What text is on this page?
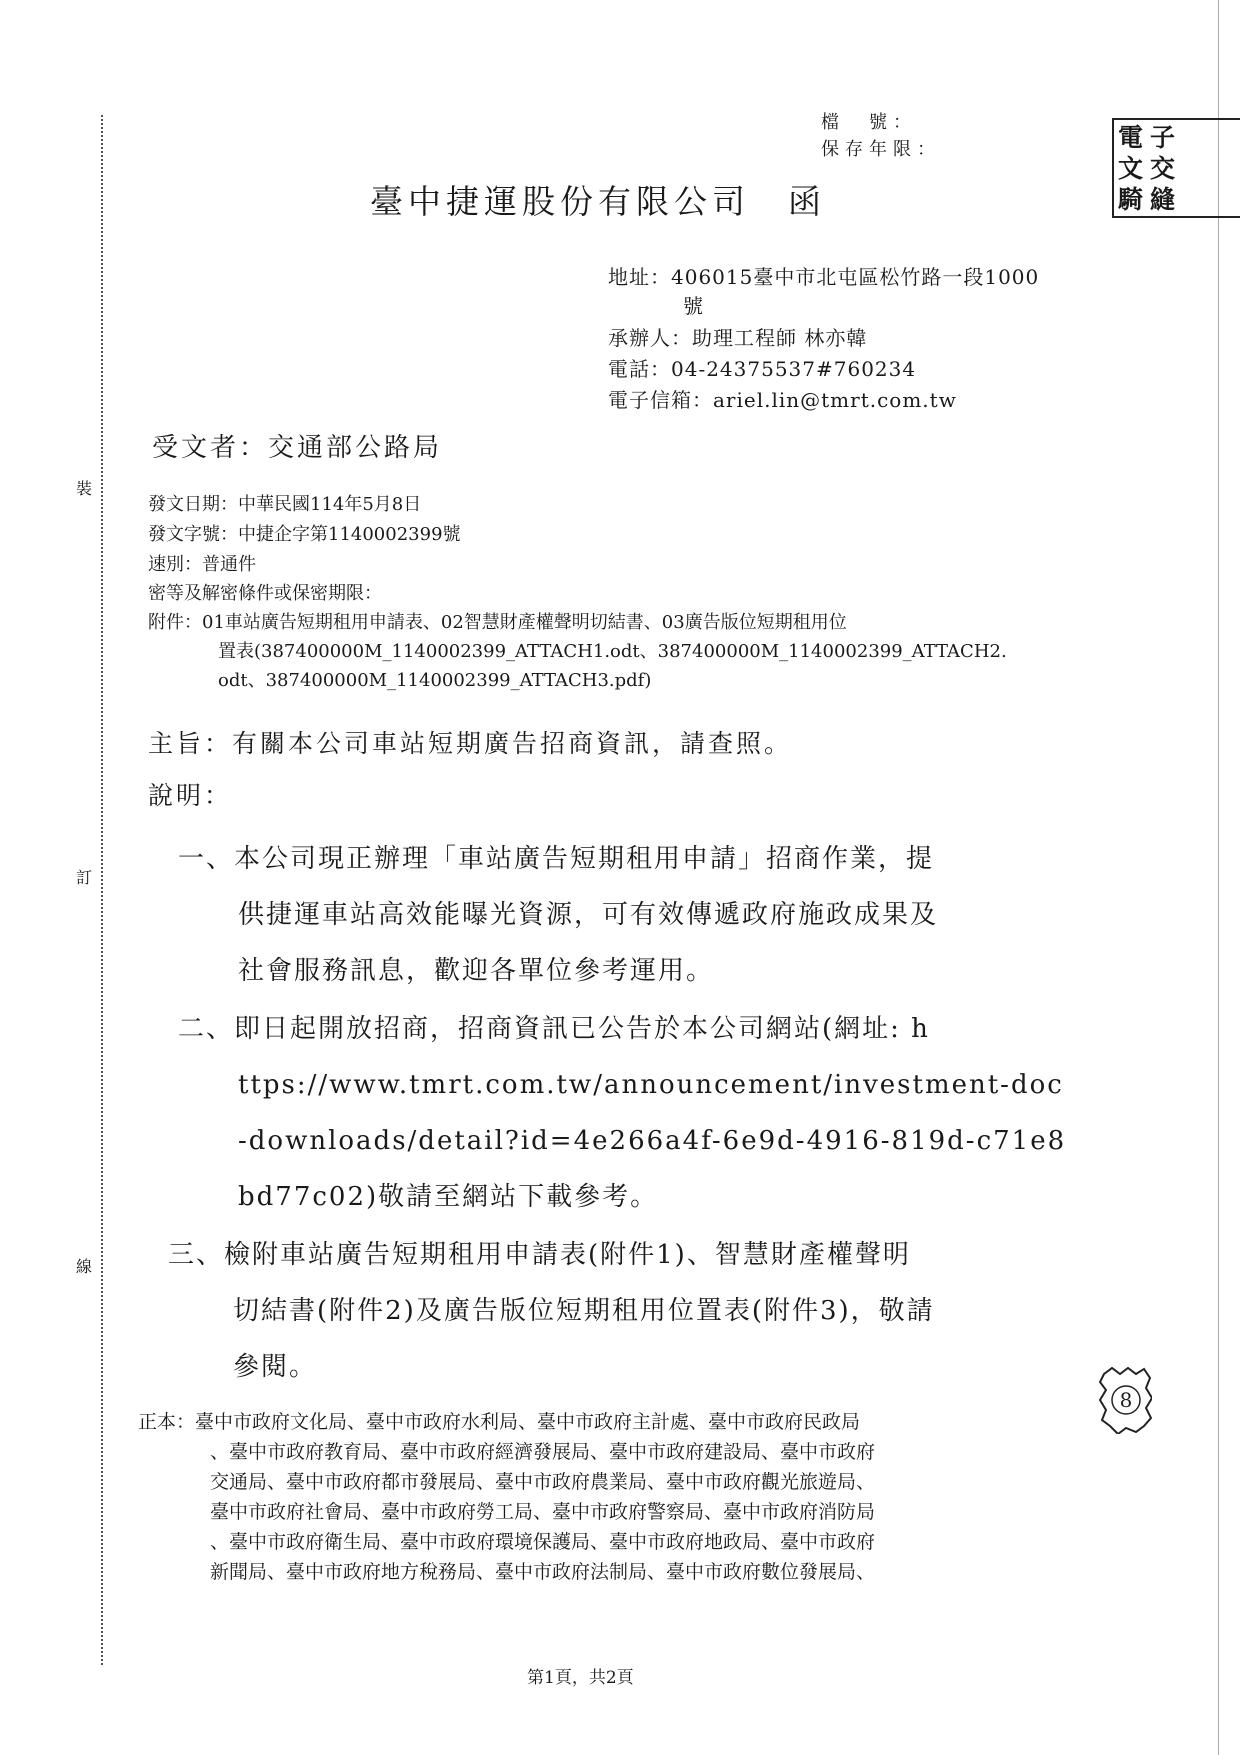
裝
訂
線
檔　號：
保存年限：	電文騎
子交縫
臺中捷運股份有限公司　函
地址：406015臺中市北屯區松竹路一段1000
號
承辦人：助理工程師 林亦韓
電話：04-24375537#760234
電子信箱：ariel.lin@tmrt.com.tw
受文者：交通部公路局
發文日期：中華民國114年5月8日
發文字號：中捷企字第1140002399號
速別：普通件
密等及解密條件或保密期限：
附件：01車站廣告短期租用申請表、02智慧財產權聲明切結書、03廣告版位短期租用位
置表(387400000M_1140002399_ATTACH1.odt、387400000M_1140002399_ATTACH2.
odt、387400000M_1140002399_ATTACH3.pdf)
主旨：有關本公司車站短期廣告招商資訊，請查照。
說明：
一、本公司現正辦理「車站廣告短期租用申請」招商作業，提
供捷運車站高效能曝光資源，可有效傳遞政府施政成果及
社會服務訊息，歡迎各單位參考運用。
二、即日起開放招商，招商資訊已公告於本公司網站(網址: h
ttps://www.tmrt.com.tw/announcement/investment-doc
-downloads/detail?id=4e266a4f-6e9d-4916-819d-c71e8
bd77c02)敬請至網站下載參考。
三、檢附車站廣告短期租用申請表(附件1)、智慧財產權聲明
切結書(附件2)及廣告版位短期租用位置表(附件3)，敬請
參閱。
8
正本：臺中市政府文化局、臺中市政府水利局、臺中市政府主計處、臺中市政府民政局
、臺中市政府教育局、臺中市政府經濟發展局、臺中市政府建設局、臺中市政府
交通局、臺中市政府都市發展局、臺中市政府農業局、臺中市政府觀光旅遊局、
臺中市政府社會局、臺中市政府勞工局、臺中市政府警察局、臺中市政府消防局
、臺中市政府衛生局、臺中市政府環境保護局、臺中市政府地政局、臺中市政府
新聞局、臺中市政府地方稅務局、臺中市政府法制局、臺中市政府數位發展局、
第1頁，共2頁
